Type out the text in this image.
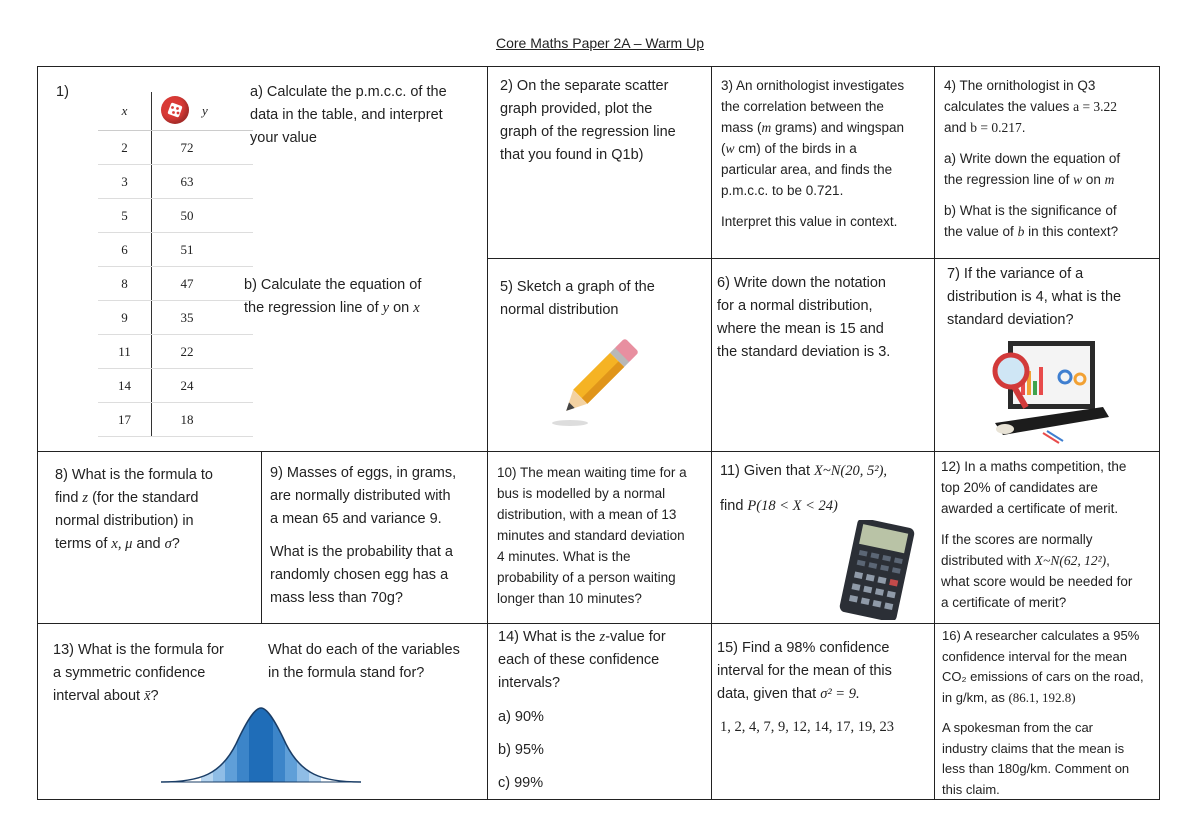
Core Maths Paper 2A – Warm Up
1)
x	y
2	72
3	63
5	50
6	51
8	47
9	35
11	22
14	24
17	18

a) Calculate the p.m.c.c. of the

data in the table, and interpret

your value

b) Calculate the equation of

the regression line of y on x

2) On the separate scatter

graph provided, plot the

graph of the regression line

that you found in Q1b)

3) An ornithologist investigates

the correlation between the

mass (m grams) and wingspan

(w cm) of the birds in a

particular area, and finds the

p.m.c.c. to be 0.721.

Interpret this value in context.

4) The ornithologist in Q3

calculates the values a = 3.22

and b = 0.217.

a) Write down the equation of

the regression line of w on m

b) What is the significance of

the value of b in this context?

5) Sketch a graph of the

normal distribution

6) Write down the notation

for a normal distribution,

where the mean is 15 and

the standard deviation is 3.

7) If the variance of a

distribution is 4, what is the

standard deviation?

8) What is the formula to

find z (for the standard

normal distribution) in

terms of x, μ and σ?

9) Masses of eggs, in grams,

are normally distributed with

a mean 65 and variance 9.

What is the probability that a

randomly chosen egg has a

mass less than 70g?

10) The mean waiting time for a

bus is modelled by a normal

distribution, with a mean of 13

minutes and standard deviation

4 minutes. What is the

probability of a person waiting

longer than 10 minutes?

11) Given that X~N(20, 5²),

find P(18 < X < 24)

12) In a maths competition, the

top 20% of candidates are

awarded a certificate of merit.

If the scores are normally

distributed with X~N(62, 12²),

what score would be needed for

a certificate of merit?

13) What is the formula for

a symmetric confidence

interval about x̄?

What do each of the variables

in the formula stand for?

14) What is the z-value for

each of these confidence

intervals?

a) 90%

b) 95%

c) 99%

15) Find a 98% confidence

interval for the mean of this

data, given that σ² = 9.

1, 2, 4, 7, 9, 12, 14, 17, 19, 23

16) A researcher calculates a 95%

confidence interval for the mean

CO₂ emissions of cars on the road,

in g/km, as (86.1, 192.8)

A spokesman from the car

industry claims that the mean is

less than 180g/km. Comment on

this claim.
